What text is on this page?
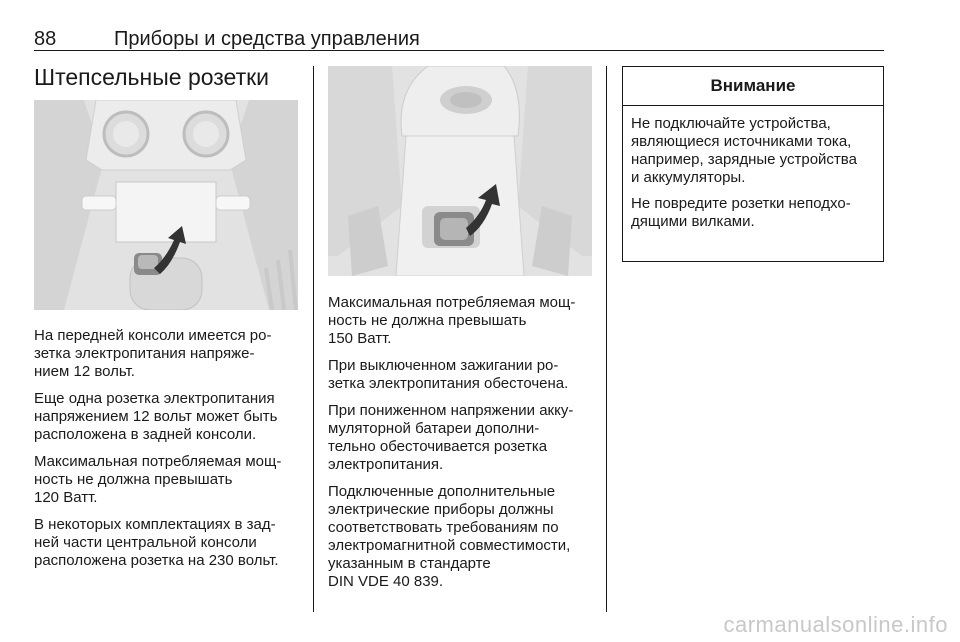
88	Приборы и средства управления
Штепсельные розетки

На передней консоли имеется ро-
зетка электропитания напряже-
нием 12 вольт.

Еще одна розетка электропитания
напряжением 12 вольт может быть
расположена в задней консоли.

Максимальная потребляемая мощ-
ность не должна превышать
120 Ватт.

В некоторых комплектациях в зад-
ней части центральной консоли
расположена розетка на 230 вольт.

Максимальная потребляемая мощ-
ность не должна превышать
150 Ватт.

При выключенном зажигании ро-
зетка электропитания обесточена.

При пониженном напряжении акку-
муляторной батареи дополни-
тельно обесточивается розетка
электропитания.

Подключенные дополнительные
электрические приборы должны
соответствовать требованиям по
электромагнитной совместимости,
указанным в стандарте
DIN VDE 40 839.

Внимание

Не подключайте устройства,
являющиеся источниками тока,
например, зарядные устройства
и аккумуляторы.

Не повредите розетки неподхо-
дящими вилками.

carmanualsonline.info
